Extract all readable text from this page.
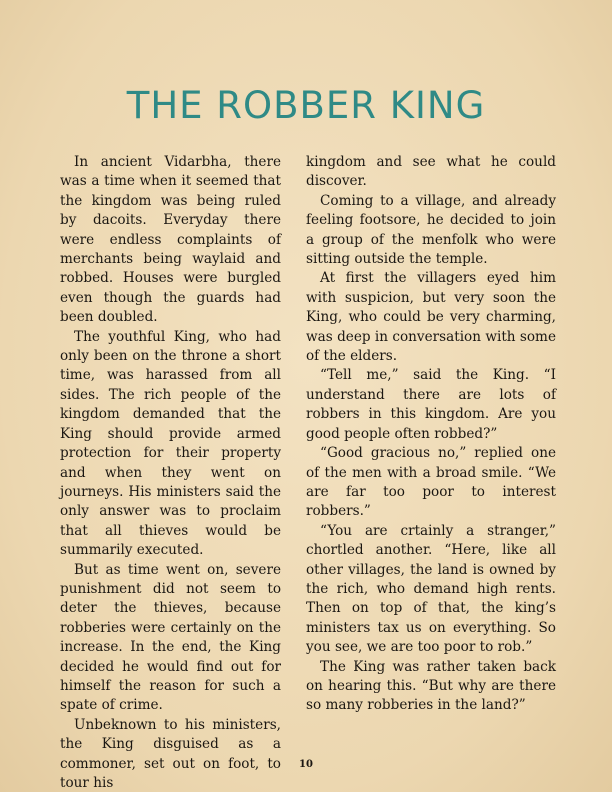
THE ROBBER KING

In ancient Vidarbha, there was a time when it seemed that the kingdom was being ruled by dacoits. Everyday there were endless complaints of merchants being waylaid and robbed. Houses were burgled even though the guards had been doubled.

The youthful King, who had only been on the throne a short time, was harassed from all sides. The rich people of the kingdom demanded that the King should provide armed protection for their property and when they went on journeys. His ministers said the only answer was to proclaim that all thieves would be summarily executed.

But as time went on, severe punishment did not seem to deter the thieves, because robberies were certainly on the increase. In the end, the King decided he would find out for himself the reason for such a spate of crime.

Unbeknown to his ministers, the King disguised as a commoner, set out on foot, to tour his

kingdom and see what he could discover.

Coming to a village, and already feeling footsore, he decided to join a group of the menfolk who were sitting outside the temple.

At first the villagers eyed him with suspicion, but very soon the King, who could be very charming, was deep in conversation with some of the elders.

“Tell me,” said the King. “I understand there are lots of robbers in this kingdom. Are you good people often robbed?”

“Good gracious no,” replied one of the men with a broad smile. “We are far too poor to interest robbers.”

“You are crtainly a stranger,” chortled another. “Here, like all other villages, the land is owned by the rich, who demand high rents. Then on top of that, the king’s ministers tax us on everything. So you see, we are too poor to rob.”

The King was rather taken back on hearing this. “But why are there so many robberies in the land?”

10
